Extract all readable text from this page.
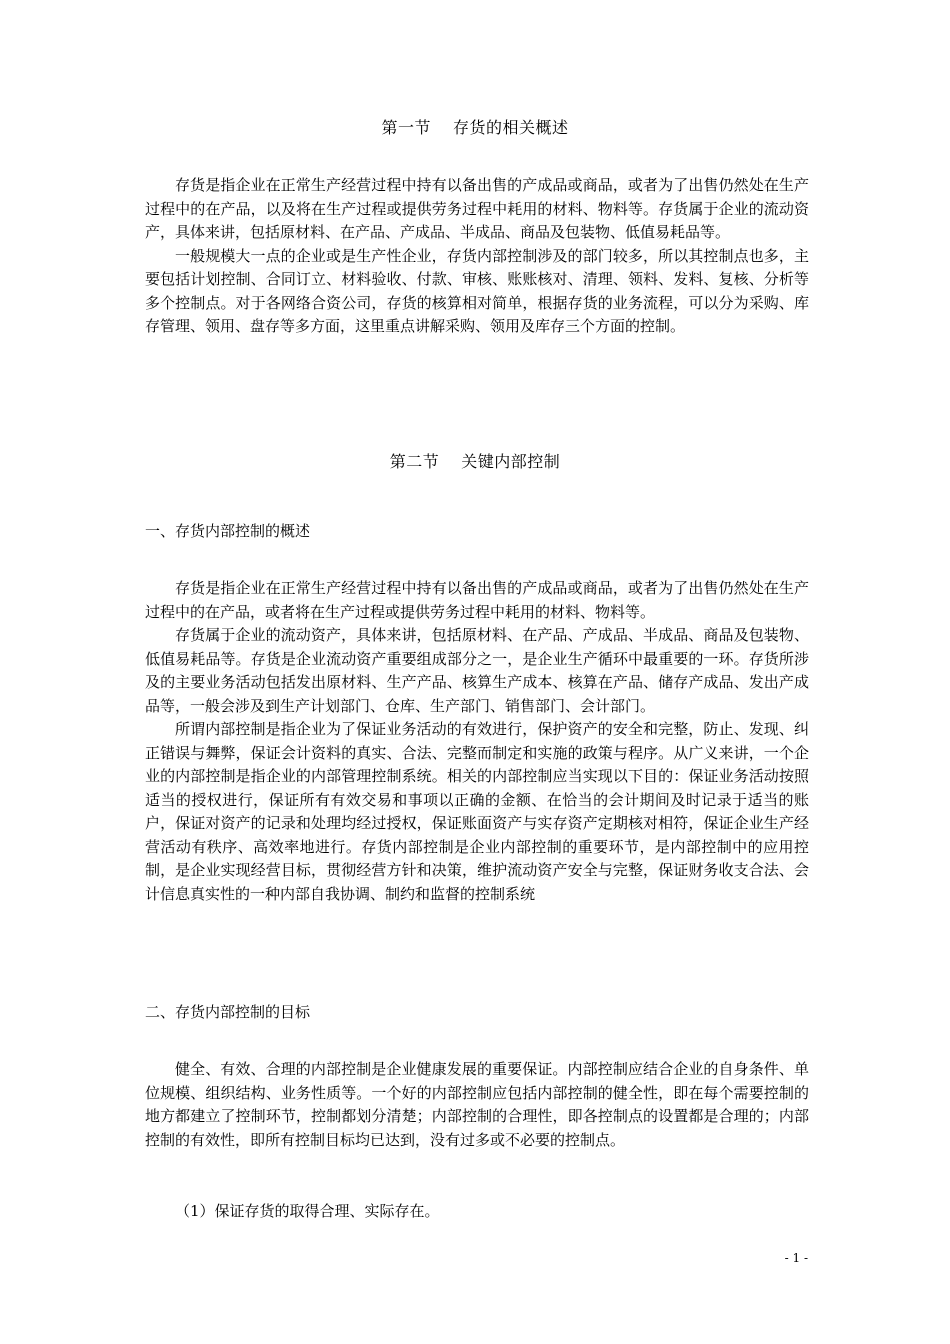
第一节 存货的相关概述

存货是指企业在正常生产经营过程中持有以备出售的产成品或商品，或者为了出售仍然处在生产过程中的在产品，以及将在生产过程或提供劳务过程中耗用的材料、物料等。存货属于企业的流动资产，具体来讲，包括原材料、在产品、产成品、半成品、商品及包装物、低值易耗品等。

一般规模大一点的企业或是生产性企业，存货内部控制涉及的部门较多，所以其控制点也多，主要包括计划控制、合同订立、材料验收、付款、审核、账账核对、清理、领料、发料、复核、分析等多个控制点。对于各网络合资公司，存货的核算相对简单，根据存货的业务流程，可以分为采购、库存管理、领用、盘存等多方面，这里重点讲解采购、领用及库存三个方面的控制。

第二节 关键内部控制
一、存货内部控制的概述

存货是指企业在正常生产经营过程中持有以备出售的产成品或商品，或者为了出售仍然处在生产过程中的在产品，或者将在生产过程或提供劳务过程中耗用的材料、物料等。

存货属于企业的流动资产，具体来讲，包括原材料、在产品、产成品、半成品、商品及包装物、低值易耗品等。存货是企业流动资产重要组成部分之一，是企业生产循环中最重要的一环。存货所涉及的主要业务活动包括发出原材料、生产产品、核算生产成本、核算在产品、储存产成品、发出产成品等，一般会涉及到生产计划部门、仓库、生产部门、销售部门、会计部门。

所谓内部控制是指企业为了保证业务活动的有效进行，保护资产的安全和完整，防止、发现、纠正错误与舞弊，保证会计资料的真实、合法、完整而制定和实施的政策与程序。从广义来讲，一个企业的内部控制是指企业的内部管理控制系统。相关的内部控制应当实现以下目的：保证业务活动按照适当的授权进行，保证所有有效交易和事项以正确的金额、在恰当的会计期间及时记录于适当的账户，保证对资产的记录和处理均经过授权，保证账面资产与实存资产定期核对相符，保证企业生产经营活动有秩序、高效率地进行。存货内部控制是企业内部控制的重要环节，是内部控制中的应用控制，是企业实现经营目标，贯彻经营方针和决策，维护流动资产安全与完整，保证财务收支合法、会计信息真实性的一种内部自我协调、制约和监督的控制系统

二、存货内部控制的目标

健全、有效、合理的内部控制是企业健康发展的重要保证。内部控制应结合企业的自身条件、单位规模、组织结构、业务性质等。一个好的内部控制应包括内部控制的健全性，即在每个需要控制的地方都建立了控制环节，控制都划分清楚；内部控制的合理性，即各控制点的设置都是合理的；内部控制的有效性，即所有控制目标均已达到，没有过多或不必要的控制点。

（1）保证存货的取得合理、实际存在。
- 1 -
